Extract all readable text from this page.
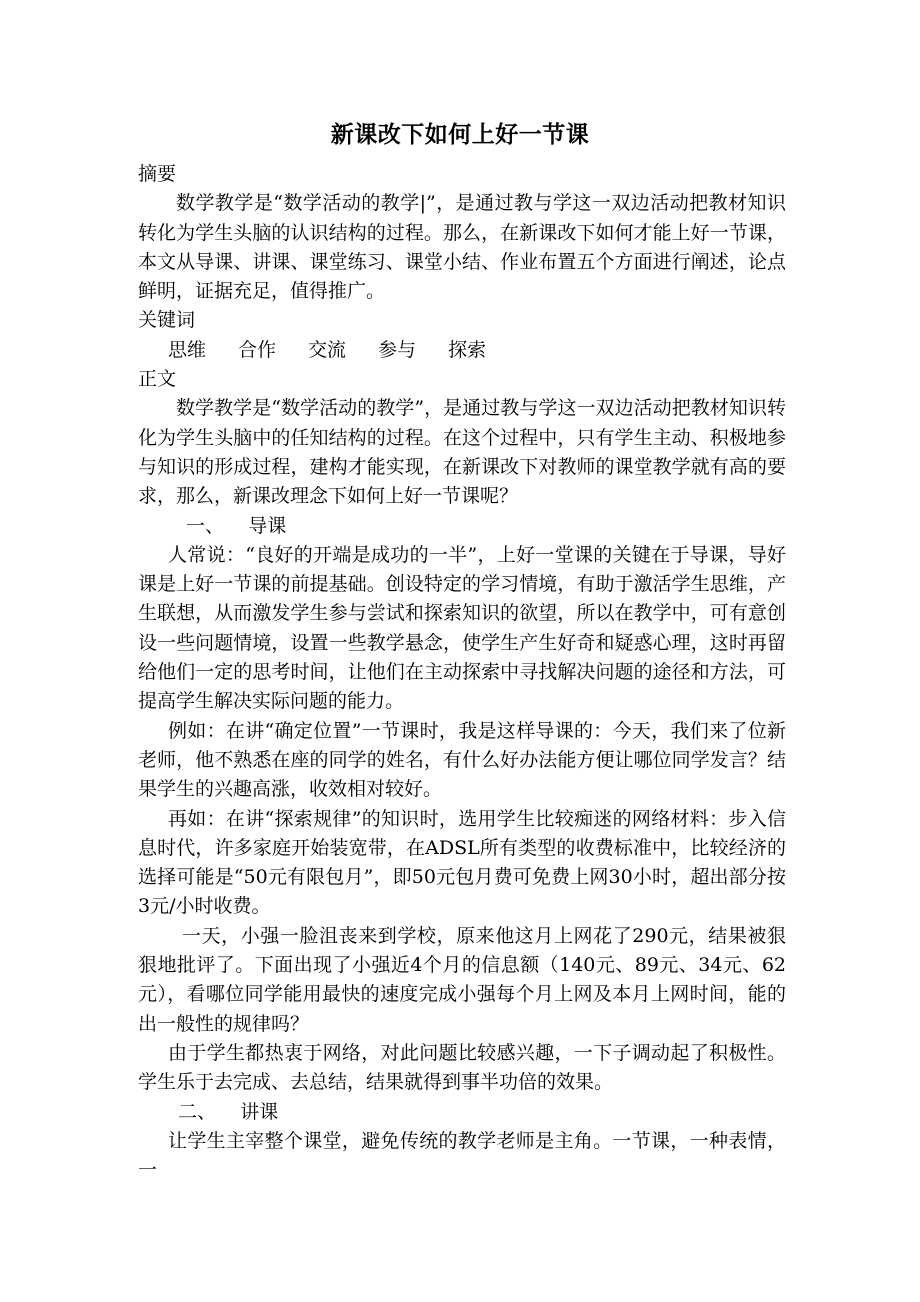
新课改下如何上好一节课

摘要

数学教学是“数学活动的教学|”，是通过教与学这一双边活动把教材知识转化为学生头脑的认识结构的过程。那么，在新课改下如何才能上好一节课，本文从导课、讲课、课堂练习、课堂小结、作业布置五个方面进行阐述，论点鲜明，证据充足，值得推广。

关键词

思维 合作 交流 参与 探索

正文

数学教学是“数学活动的教学”，是通过教与学这一双边活动把教材知识转化为学生头脑中的任知结构的过程。在这个过程中，只有学生主动、积极地参与知识的形成过程，建构才能实现，在新课改下对教师的课堂教学就有高的要求，那么，新课改理念下如何上好一节课呢？

一、 导课

人常说：“良好的开端是成功的一半”，上好一堂课的关键在于导课，导好课是上好一节课的前提基础。创设特定的学习情境，有助于激活学生思维，产生联想，从而激发学生参与尝试和探索知识的欲望，所以在教学中，可有意创设一些问题情境，设置一些教学悬念，使学生产生好奇和疑惑心理，这时再留给他们一定的思考时间，让他们在主动探索中寻找解决问题的途径和方法，可提高学生解决实际问题的能力。

例如：在讲“确定位置”一节课时，我是这样导课的：今天，我们来了位新老师，他不熟悉在座的同学的姓名，有什么好办法能方便让哪位同学发言？结果学生的兴趣高涨，收效相对较好。

再如：在讲“探索规律”的知识时，选用学生比较痴迷的网络材料：步入信息时代，许多家庭开始装宽带，在ADSL所有类型的收费标准中，比较经济的选择可能是“50元有限包月”，即50元包月费可免费上网30小时，超出部分按3元/小时收费。

一天，小强一脸沮丧来到学校，原来他这月上网花了290元，结果被狠狠地批评了。下面出现了小强近4个月的信息额（140元、89元、34元、62元），看哪位同学能用最快的速度完成小强每个月上网及本月上网时间，能的出一般性的规律吗？

由于学生都热衷于网络，对此问题比较感兴趣，一下子调动起了积极性。学生乐于去完成、去总结，结果就得到事半功倍的效果。

二、 讲课

让学生主宰整个课堂，避免传统的教学老师是主角。一节课，一种表情，一
